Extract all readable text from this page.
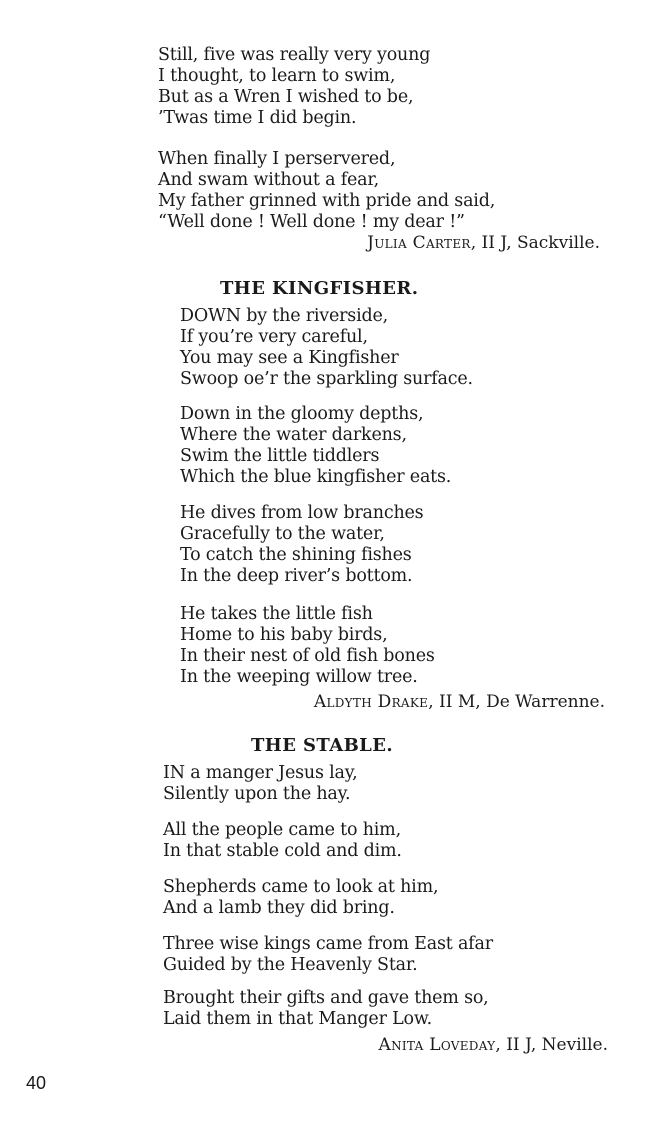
Still, five was really very young
I thought, to learn to swim,
But as a Wren I wished to be,
’Twas time I did begin.
When finally I perservered,
And swam without a fear,
My father grinned with pride and said,
“Well done ! Well done ! my dear !”
Julia Carter, II J, Sackville.
THE KINGFISHER.
DOWN by the riverside,
If you’re very careful,
You may see a Kingfisher
Swoop oe’r the sparkling surface.
Down in the gloomy depths,
Where the water darkens,
Swim the little tiddlers
Which the blue kingfisher eats.
He dives from low branches
Gracefully to the water,
To catch the shining fishes
In the deep river’s bottom.
He takes the little fish
Home to his baby birds,
In their nest of old fish bones
In the weeping willow tree.
Aldyth Drake, II M, De Warrenne.
THE STABLE.
IN a manger Jesus lay,
Silently upon the hay.
All the people came to him,
In that stable cold and dim.
Shepherds came to look at him,
And a lamb they did bring.
Three wise kings came from East afar
Guided by the Heavenly Star.
Brought their gifts and gave them so,
Laid them in that Manger Low.
Anita Loveday, II J, Neville.
40
